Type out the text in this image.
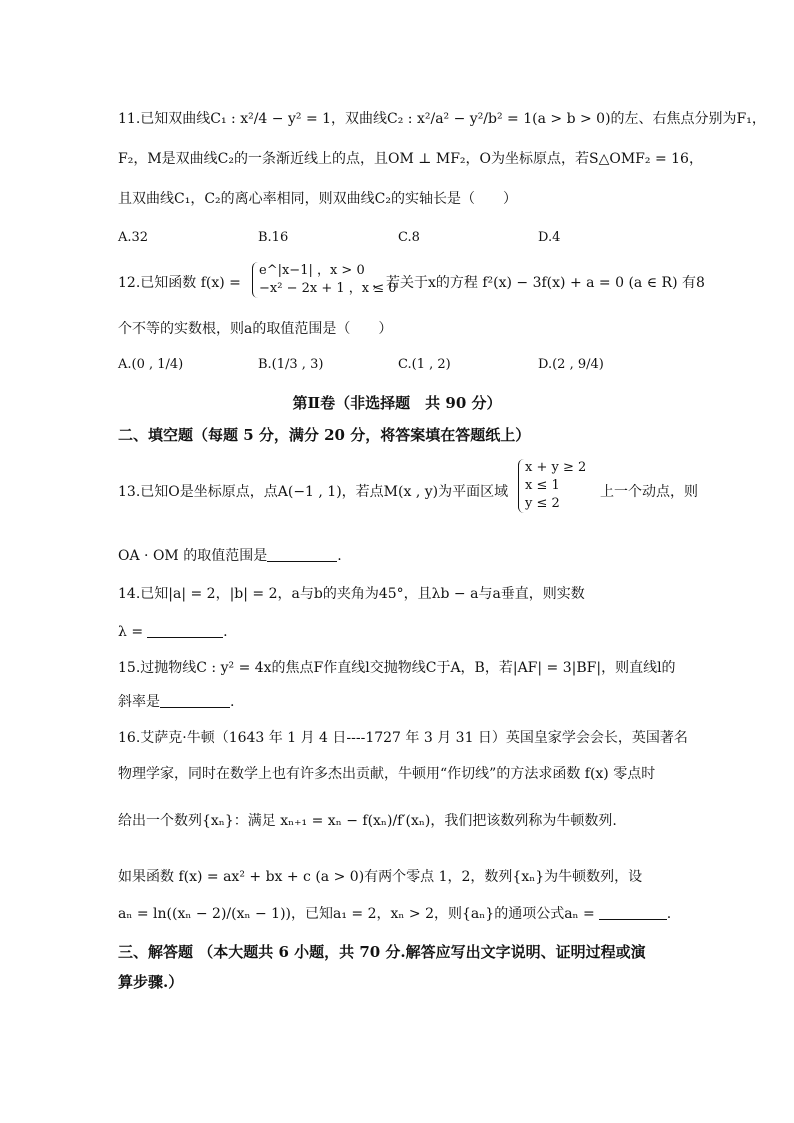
11.已知双曲线C₁ : x²/4 − y² = 1，双曲线C₂ : x²/a² − y²/b² = 1(a > b > 0)的左、右焦点分别为F₁，
F₂，M是双曲线C₂的一条渐近线上的点，且OM ⊥ MF₂，O为坐标原点，若S△OMF₂ = 16，
且双曲线C₁，C₂的离心率相同，则双曲线C₂的实轴长是（　　）
A.32	B.16	C.8	D.4
12.已知函数 f(x) =
e^|x−1| ，x > 0
−x² − 2x + 1 ，x ≤ 0
，若关于x的方程 f²(x) − 3f(x) + a = 0 (a ∈ R) 有8
个不等的实数根，则a的取值范围是（　　）
A.(0 , 1/4)	B.(1/3 , 3)	C.(1 , 2)	D.(2 , 9/4)
第Ⅱ卷（非选择题　共 90 分）
二、填空题（每题 5 分，满分 20 分，将答案填在答题纸上）
13.已知O是坐标原点，点A(−1 , 1)，若点M(x , y)为平面区域
x + y ≥ 2
x ≤ 1
y ≤ 2
上一个动点，则
OA · OM 的取值范围是	.
14.已知|a| = 2，|b| = 2，a与b的夹角为45°，且λb − a与a垂直，则实数
λ =	.
15.过抛物线C : y² = 4x的焦点F作直线l交抛物线C于A，B，若|AF| = 3|BF|，则直线l的
斜率是	.
16.艾萨克·牛顿（1643 年 1 月 4 日----1727 年 3 月 31 日）英国皇家学会会长，英国著名
物理学家，同时在数学上也有许多杰出贡献，牛顿用“作切线”的方法求函数 f(x) 零点时
给出一个数列{xₙ}：满足 xₙ₊₁ = xₙ − f(xₙ)/f′(xₙ)，我们把该数列称为牛顿数列.
如果函数 f(x) = ax² + bx + c (a > 0)有两个零点 1，2，数列{xₙ}为牛顿数列，设
aₙ = ln((xₙ − 2)/(xₙ − 1))，已知a₁ = 2，xₙ > 2，则{aₙ}的通项公式aₙ =	.
三、解答题 （本大题共 6 小题，共 70 分.解答应写出文字说明、证明过程或演
算步骤.）
